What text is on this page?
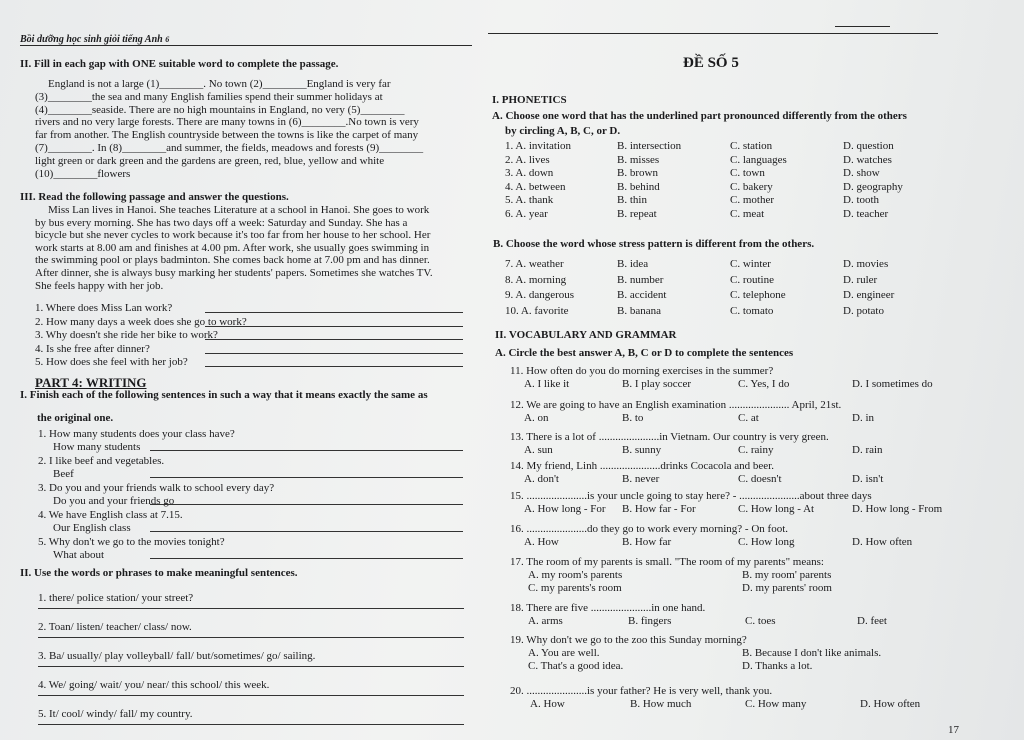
Bồi dưỡng học sinh giỏi tiếng Anh 6
ĐỀ SỐ 5
II. Fill in each gap with ONE suitable word to complete the passage.
England is not a large (1)________. No town (2)________England is very far
(3)________the sea and many English families spend their summer holidays at
(4)________seaside. There are no high mountains in England, no very (5)________
rivers and no very large forests. There are many towns in (6)________.No town is very
far from another. The English countryside between the towns is like the carpet of many
(7)________. In (8)________and summer, the fields, meadows and forests (9)________
light green or dark green and the gardens are green, red, blue, yellow and white
(10)________flowers
III. Read the following passage and answer the questions.
Miss Lan lives in Hanoi. She teaches Literature at a school in Hanoi. She goes to work
by bus every morning. She has two days off a week: Saturday and Sunday. She has a
bicycle but she never cycles to work because it's too far from her house to her school. Her
work starts at 8.00 am and finishes at 4.00 pm. After work, she usually goes swimming in
the swimming pool or plays badminton. She comes back home at 7.00 pm and has dinner.
After dinner, she is always busy marking her students' papers. Sometimes she watches TV.
She feels happy with her job.
1. Where does Miss Lan work?
2. How many days a week does she go to work?
3. Why doesn't she ride her bike to work?
4. Is she free after dinner?
5. How does she feel with her job?
PART 4: WRITING
I. Finish each of the following sentences in such a way that it means exactly the same as
the original one.
1. How many students does your class have?
How many students
2. I like beef and vegetables.
Beef
3. Do you and your friends walk to school every day?
Do you and your friends go
4. We have English class at 7.15.
Our English class
5. Why don't we go to the movies tonight?
What about
II. Use the words or phrases to make meaningful sentences.
1. there/ police station/ your street?
2. Toan/ listen/ teacher/ class/ now.
3. Ba/ usually/ play volleyball/ fall/ but/sometimes/ go/ sailing.
4. We/ going/ wait/ you/ near/ this school/ this week.
5. It/ cool/ windy/ fall/ my country.
I. PHONETICS
A. Choose one word that has the underlined part pronounced differently from the others
by circling A, B, C, or D.
1. A. invitation	B. intersection	C. station	D. question
2. A. lives	B. misses	C. languages	D. watches
3. A. down	B. brown	C. town	D. show
4. A. between	B. behind	C. bakery	D. geography
5. A. thank	B. thin	C. mother	D. tooth
6. A. year	B. repeat	C. meat	D. teacher
B. Choose the word whose stress pattern is different from the others.
7. A. weather	B. idea	C. winter	D. movies
8. A. morning	B. number	C. routine	D. ruler
9. A. dangerous	B. accident	C. telephone	D. engineer
10. A. favorite	B. banana	C. tomato	D. potato
II. VOCABULARY AND GRAMMAR
A. Circle the best answer A, B, C or D to complete the sentences
11. How often do you do morning exercises in the summer?
A. I like it	B. I play soccer	C. Yes, I do	D. I sometimes do
12. We are going to have an English examination ...................... April, 21st.
A. on	B. to	C. at	D. in
13. There is a lot of ......................in Vietnam. Our country is very green.
A. sun	B. sunny	C. rainy	D. rain
14. My friend, Linh ......................drinks Cocacola and beer.
A. don't	B. never	C. doesn't	D. isn't
15. ......................is your uncle going to stay here? - ......................about three days
A. How long - For B. How far - For	C. How long - At	D. How long - From
16. ......................do they go to work every morning? - On foot.
A. How	B. How far	C. How long	D. How often
17. The room of my parents is small. "The room of my parents" means:
A. my room's parents	B. my room' parents
C. my parents's room	D. my parents' room
18. There are five ......................in one hand.
A. arms	B. fingers	C. toes	D. feet
19. Why don't we go to the zoo this Sunday morning?
A. You are well.	B. Because I don't like animals.
C. That's a good idea.	D. Thanks a lot.
20. ......................is your father? He is very well, thank you.
A. How	B. How much	C. How many	D. How often
17
